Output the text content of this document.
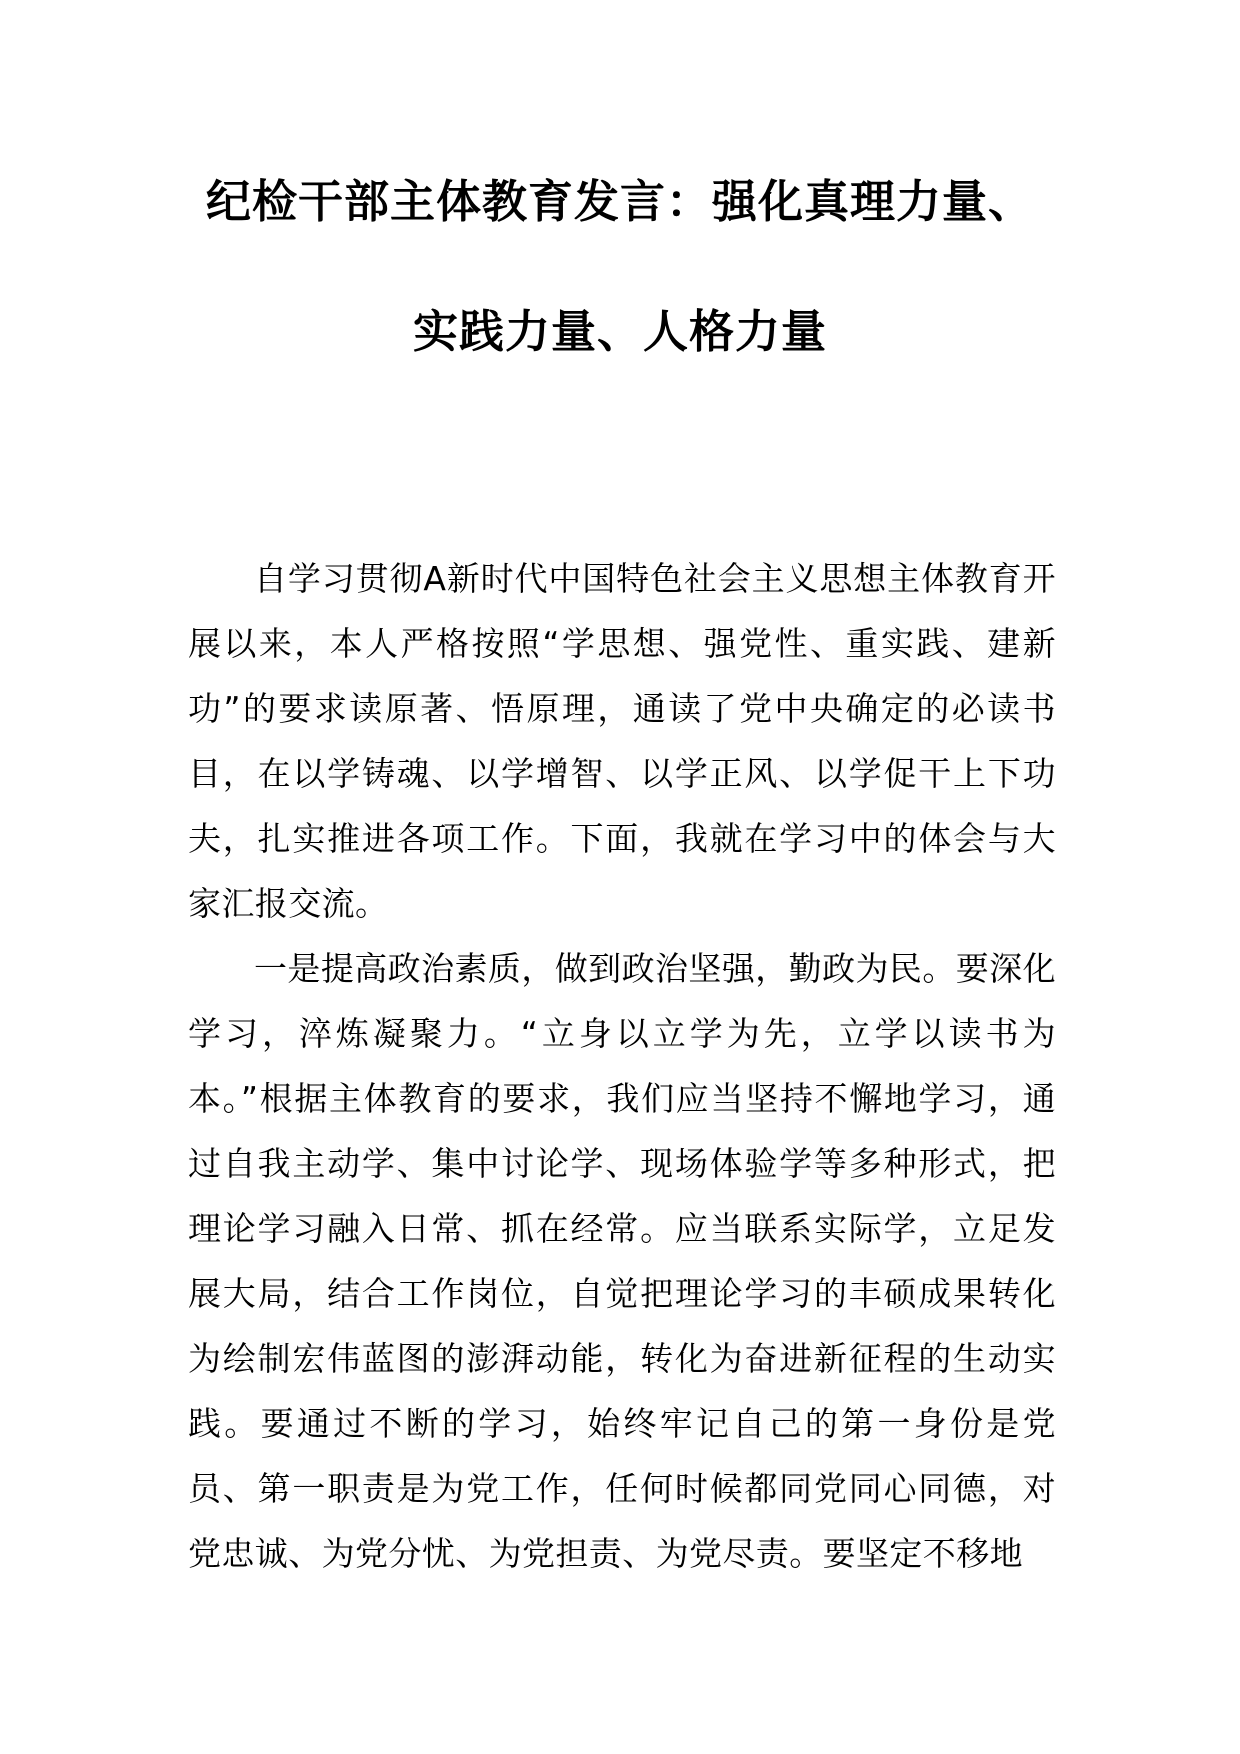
纪检干部主体教育发言：强化真理力量、
实践力量、人格力量

自学习贯彻A新时代中国特色社会主义思想主体教育开展以来，本人严格按照“学思想、强党性、重实践、建新功”的要求读原著、悟原理，通读了党中央确定的必读书目，在以学铸魂、以学增智、以学正风、以学促干上下功夫，扎实推进各项工作。下面，我就在学习中的体会与大家汇报交流。

一是提高政治素质，做到政治坚强，勤政为民。要深化学习，淬炼凝聚力。“立身以立学为先，立学以读书为本。”根据主体教育的要求，我们应当坚持不懈地学习，通过自我主动学、集中讨论学、现场体验学等多种形式，把理论学习融入日常、抓在经常。应当联系实际学，立足发展大局，结合工作岗位，自觉把理论学习的丰硕成果转化为绘制宏伟蓝图的澎湃动能，转化为奋进新征程的生动实践。要通过不断的学习，始终牢记自己的第一身份是党员、第一职责是为党工作，任何时候都同党同心同德，对党忠诚、为党分忧、为党担责、为党尽责。要坚定不移地
